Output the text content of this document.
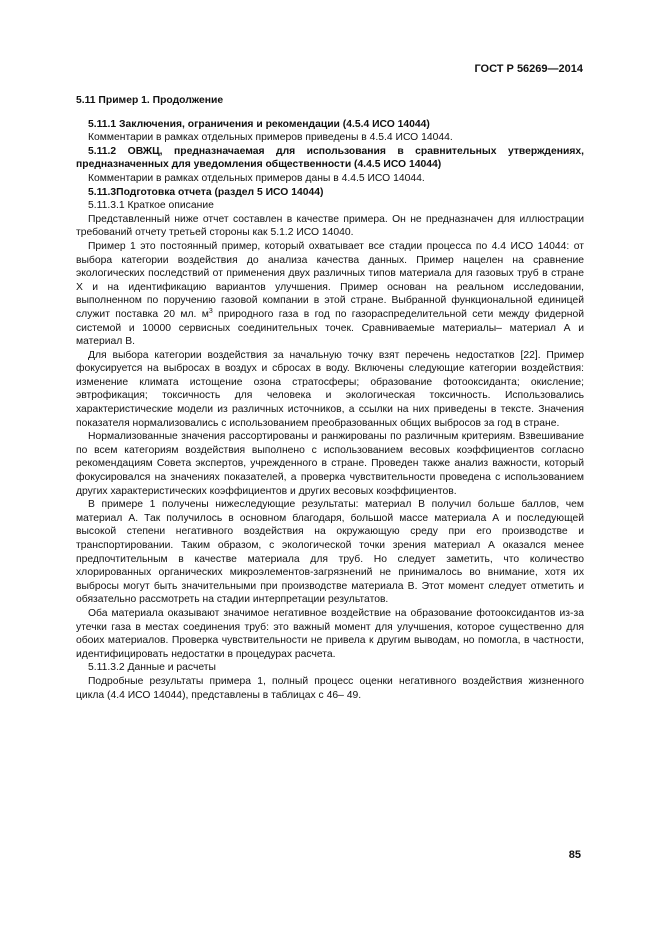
ГОСТ Р 56269—2014

5.11 Пример 1. Продолжение

5.11.1 Заключения, ограничения и рекомендации (4.5.4 ИСО 14044)

Комментарии в рамках отдельных примеров приведены в 4.5.4 ИСО 14044.

5.11.2 ОВЖЦ, предназначаемая для использования в сравнительных утверждениях, предназначенных для уведомления общественности (4.4.5 ИСО 14044)

Комментарии в рамках отдельных примеров даны в 4.4.5 ИСО 14044.

5.11.3Подготовка отчета (раздел 5 ИСО 14044)

5.11.3.1 Краткое описание

Представленный ниже отчет составлен в качестве примера. Он не предназначен для иллюстрации требований отчету третьей стороны как 5.1.2 ИСО 14040.

Пример 1 это постоянный пример, который охватывает все стадии процесса по 4.4 ИСО 14044: от выбора категории воздействия до анализа качества данных. Пример нацелен на сравнение экологических последствий от применения двух различных типов материала для газовых труб в стране X и на идентификацию вариантов улучшения. Пример основан на реальном исследовании, выполненном по поручению газовой компании в этой стране. Выбранной функциональной единицей служит поставка 20 мл. $м^3$ природного газа в год по газораспределительной сети между фидерной системой и 10000 сервисных соединительных точек. Сравниваемые материалы– материал А и материал В.

Для выбора категории воздействия за начальную точку взят перечень недостатков [22]. Пример фокусируется на выбросах в воздух и сбросах в воду. Включены следующие категории воздействия: изменение климата истощение озона стратосферы; образование фотооксиданта; окисление; эвтрофикация; токсичность для человека и экологическая токсичность. Использовались характеристические модели из различных источников, а ссылки на них приведены в тексте. Значения показателя нормализовались с использованием преобразованных общих выбросов за год в стране.

Нормализованные значения рассортированы и ранжированы по различным критериям. Взвешивание по всем категориям воздействия выполнено с использованием весовых коэффициентов согласно рекомендациям Совета экспертов, учрежденного в стране. Проведен также анализ важности, который фокусировался на значениях показателей, а проверка чувствительности проведена с использованием других характеристических коэффициентов и других весовых коэффициентов.

В примере 1 получены нижеследующие результаты: материал В получил больше баллов, чем материал А. Так получилось в основном благодаря, большой массе материала А и последующей высокой степени негативного воздействия на окружающую среду при его производстве и транспортировании. Таким образом, с экологической точки зрения материал А оказался менее предпочтительным в качестве материала для труб. Но следует заметить, что количество хлорированных органических микроэлементов-загрязнений не принималось во внимание, хотя их выбросы могут быть значительными при производстве материала В. Этот момент следует отметить и обязательно рассмотреть на стадии интерпретации результатов.

Оба материала оказывают значимое негативное воздействие на образование фотооксидантов из-за утечки газа в местах соединения труб: это важный момент для улучшения, которое существенно для обоих материалов. Проверка чувствительности не привела к другим выводам, но помогла, в частности, идентифицировать недостатки в процедурах расчета.

5.11.3.2 Данные и расчеты

Подробные результаты примера 1, полный процесс оценки негативного воздействия жизненного цикла (4.4 ИСО 14044), представлены в таблицах с 46– 49.

85
